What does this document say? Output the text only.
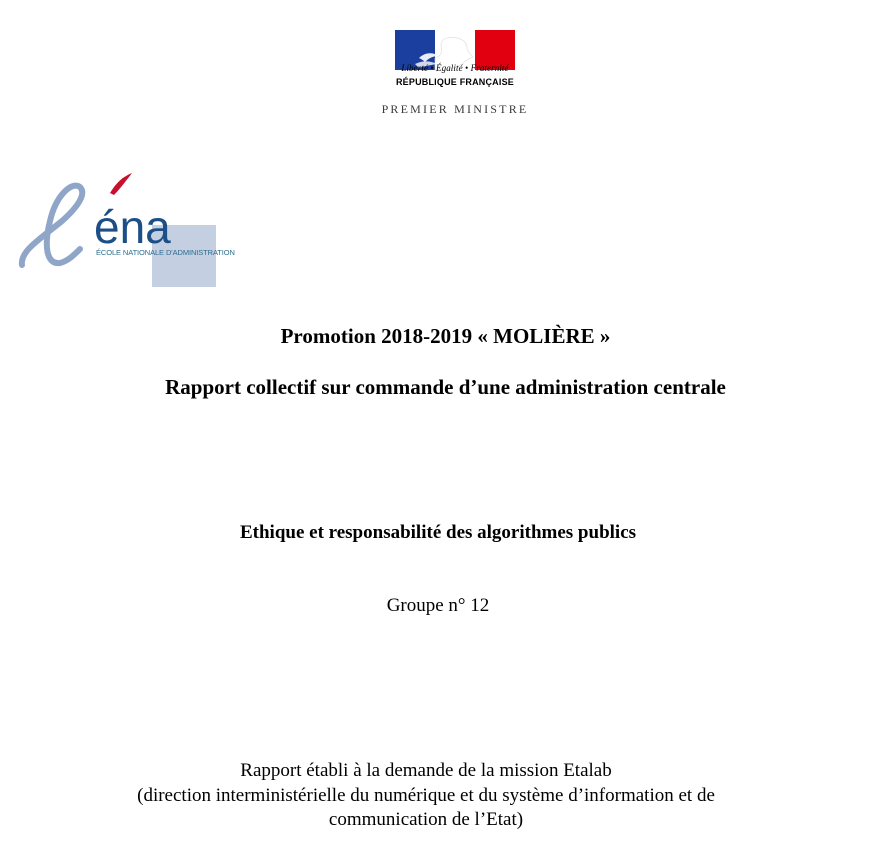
Liberté • Égalité • Fraternité
RÉPUBLIQUE FRANÇAISE
PREMIER MINISTRE
éna
ÉCOLE NATIONALE D'ADMINISTRATION
Promotion 2018-2019 « MOLIÈRE »
Rapport collectif sur commande d’une administration centrale
Ethique et responsabilité des algorithmes publics
Groupe n° 12
Rapport établi à la demande de la mission Etalab
(direction interministérielle du numérique et du système d’information et de
communication de l’Etat)
